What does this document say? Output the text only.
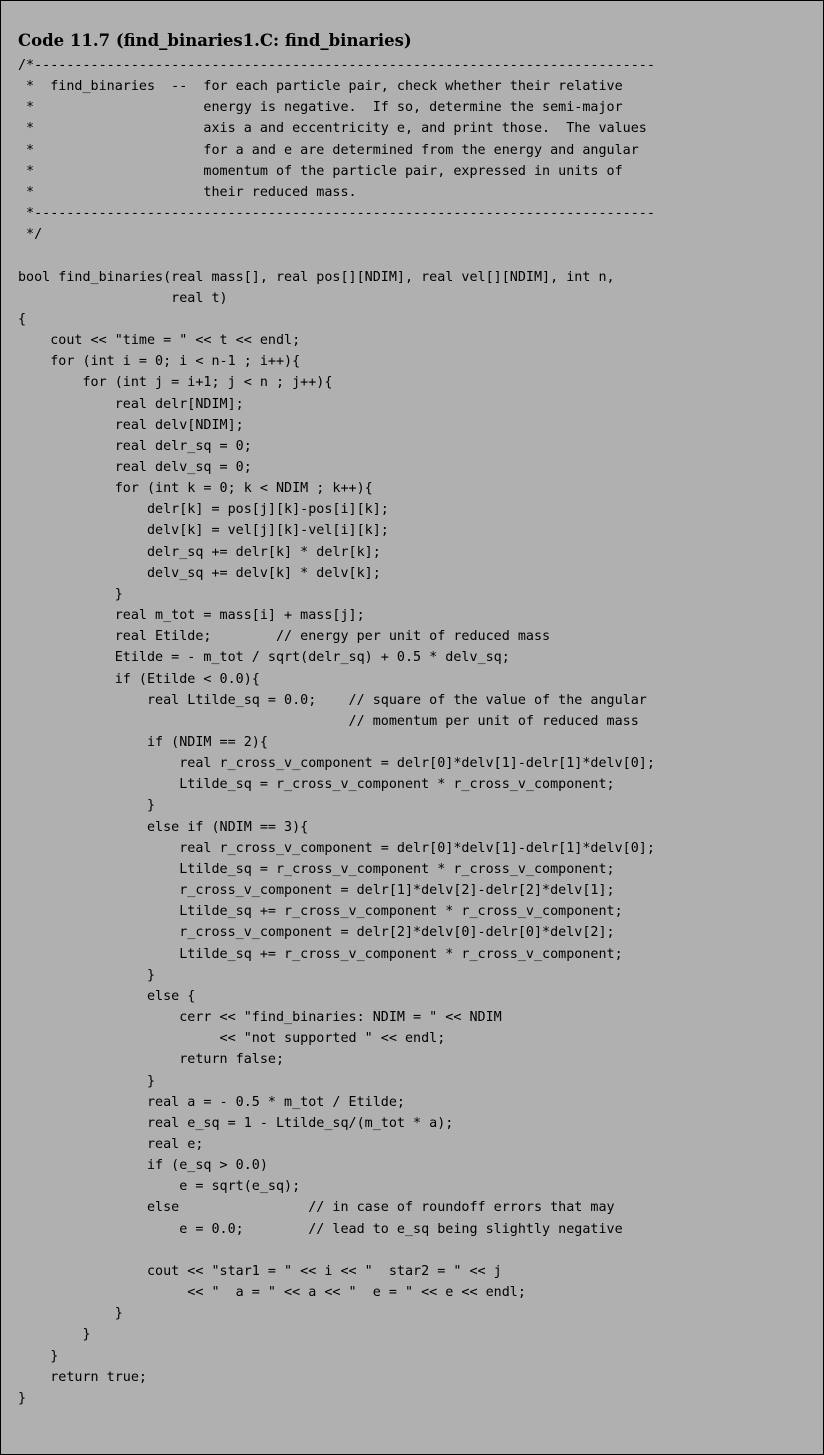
Code 11.7 (find_binaries1.C: find_binaries)
/*-----------------------------------------------------------------------------
*  find_binaries  --  for each particle pair, check whether their relative
*                     energy is negative.  If so, determine the semi-major
*                     axis a and eccentricity e, and print those.  The values
*                     for a and e are determined from the energy and angular
*                     momentum of the particle pair, expressed in units of
*                     their reduced mass.
*-----------------------------------------------------------------------------
*/

bool find_binaries(real mass[], real pos[][NDIM], real vel[][NDIM], int n,
real t)
{
cout << "time = " << t << endl;
for (int i = 0; i < n-1 ; i++){
for (int j = i+1; j < n ; j++){
real delr[NDIM];
real delv[NDIM];
real delr_sq = 0;
real delv_sq = 0;
for (int k = 0; k < NDIM ; k++){
delr[k] = pos[j][k]-pos[i][k];
delv[k] = vel[j][k]-vel[i][k];
delr_sq += delr[k] * delr[k];
delv_sq += delv[k] * delv[k];
}
real m_tot = mass[i] + mass[j];
real Etilde;        // energy per unit of reduced mass
Etilde = - m_tot / sqrt(delr_sq) + 0.5 * delv_sq;
if (Etilde < 0.0){
real Ltilde_sq = 0.0;    // square of the value of the angular
// momentum per unit of reduced mass
if (NDIM == 2){
real r_cross_v_component = delr[0]*delv[1]-delr[1]*delv[0];
Ltilde_sq = r_cross_v_component * r_cross_v_component;
}
else if (NDIM == 3){
real r_cross_v_component = delr[0]*delv[1]-delr[1]*delv[0];
Ltilde_sq = r_cross_v_component * r_cross_v_component;
r_cross_v_component = delr[1]*delv[2]-delr[2]*delv[1];
Ltilde_sq += r_cross_v_component * r_cross_v_component;
r_cross_v_component = delr[2]*delv[0]-delr[0]*delv[2];
Ltilde_sq += r_cross_v_component * r_cross_v_component;
}
else {
cerr << "find_binaries: NDIM = " << NDIM
<< "not supported " << endl;
return false;
}
real a = - 0.5 * m_tot / Etilde;
real e_sq = 1 - Ltilde_sq/(m_tot * a);
real e;
if (e_sq > 0.0)
e = sqrt(e_sq);
else                // in case of roundoff errors that may
e = 0.0;        // lead to e_sq being slightly negative

cout << "star1 = " << i << "  star2 = " << j
<< "  a = " << a << "  e = " << e << endl;
}
}
}
return true;
}
